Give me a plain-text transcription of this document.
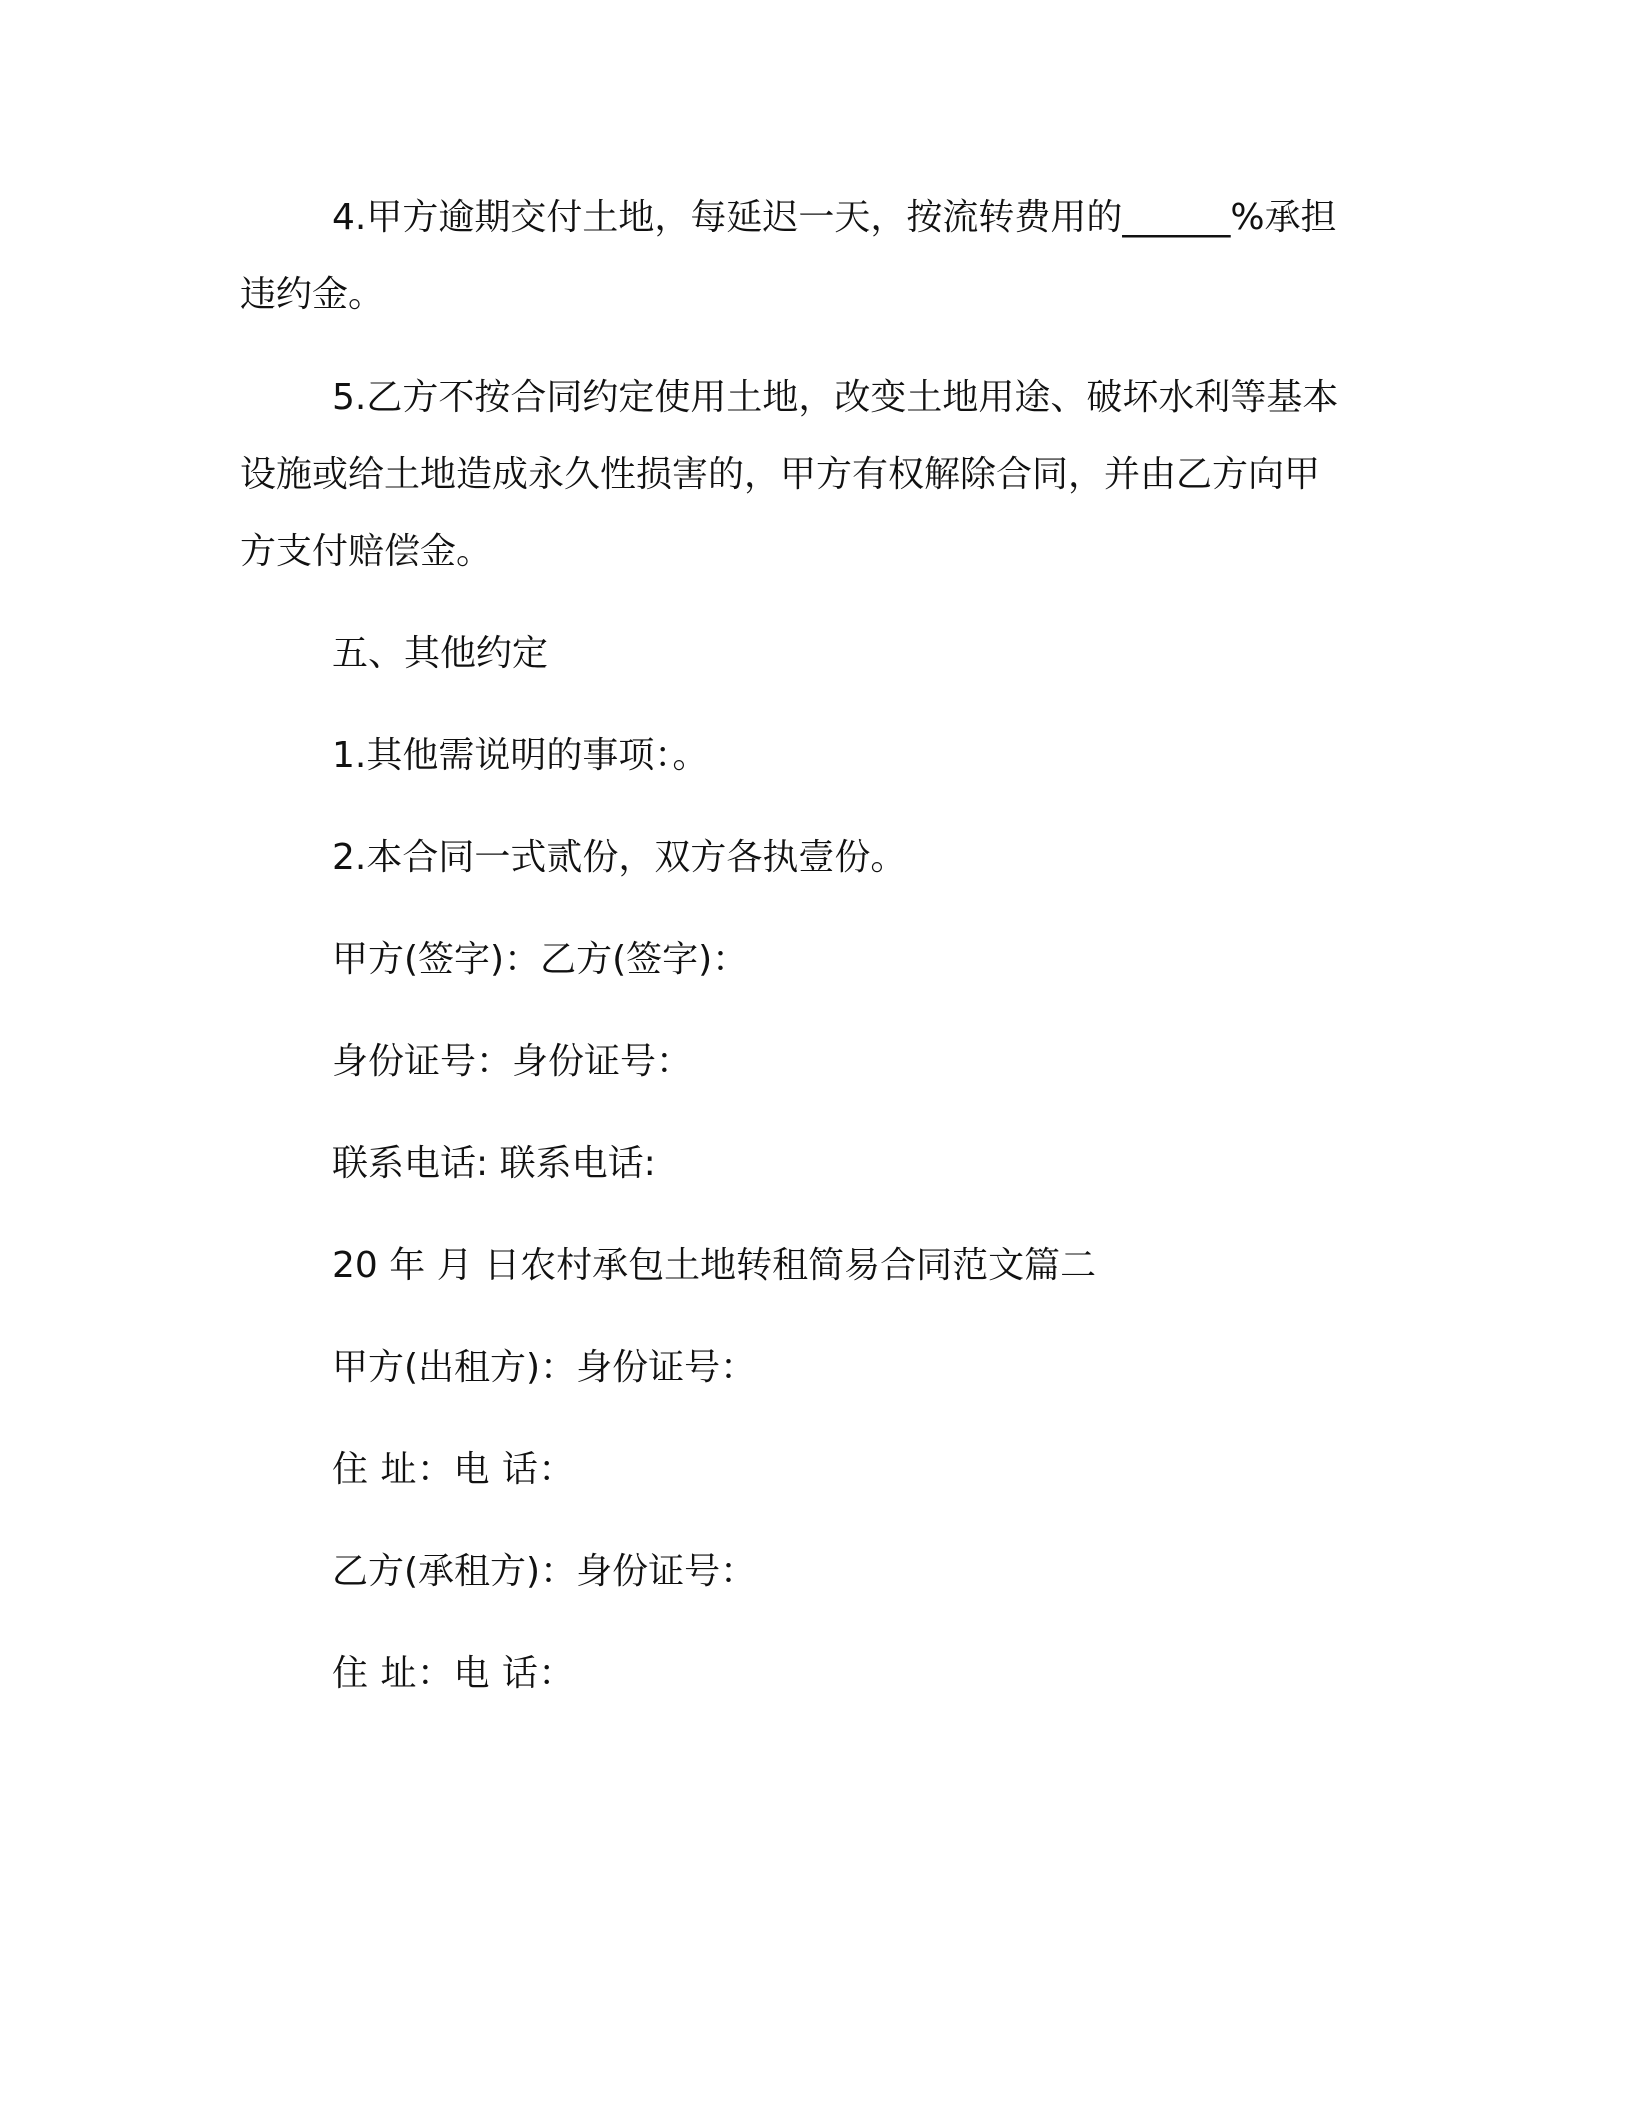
4.甲方逾期交付土地，每延迟一天，按流转费用的______%承担
违约金。
5.乙方不按合同约定使用土地，改变土地用途、破坏水利等基本
设施或给土地造成永久性损害的，甲方有权解除合同，并由乙方向甲
方支付赔偿金。
五、其他约定
1.其他需说明的事项：。
2.本合同一式贰份，双方各执壹份。
甲方(签字)：乙方(签字)：
身份证号：身份证号：
联系电话: 联系电话:
20 年 月 日农村承包土地转租简易合同范文篇二
甲方(出租方)：身份证号：
住 址：电 话：
乙方(承租方)：身份证号：
住 址：电 话：
